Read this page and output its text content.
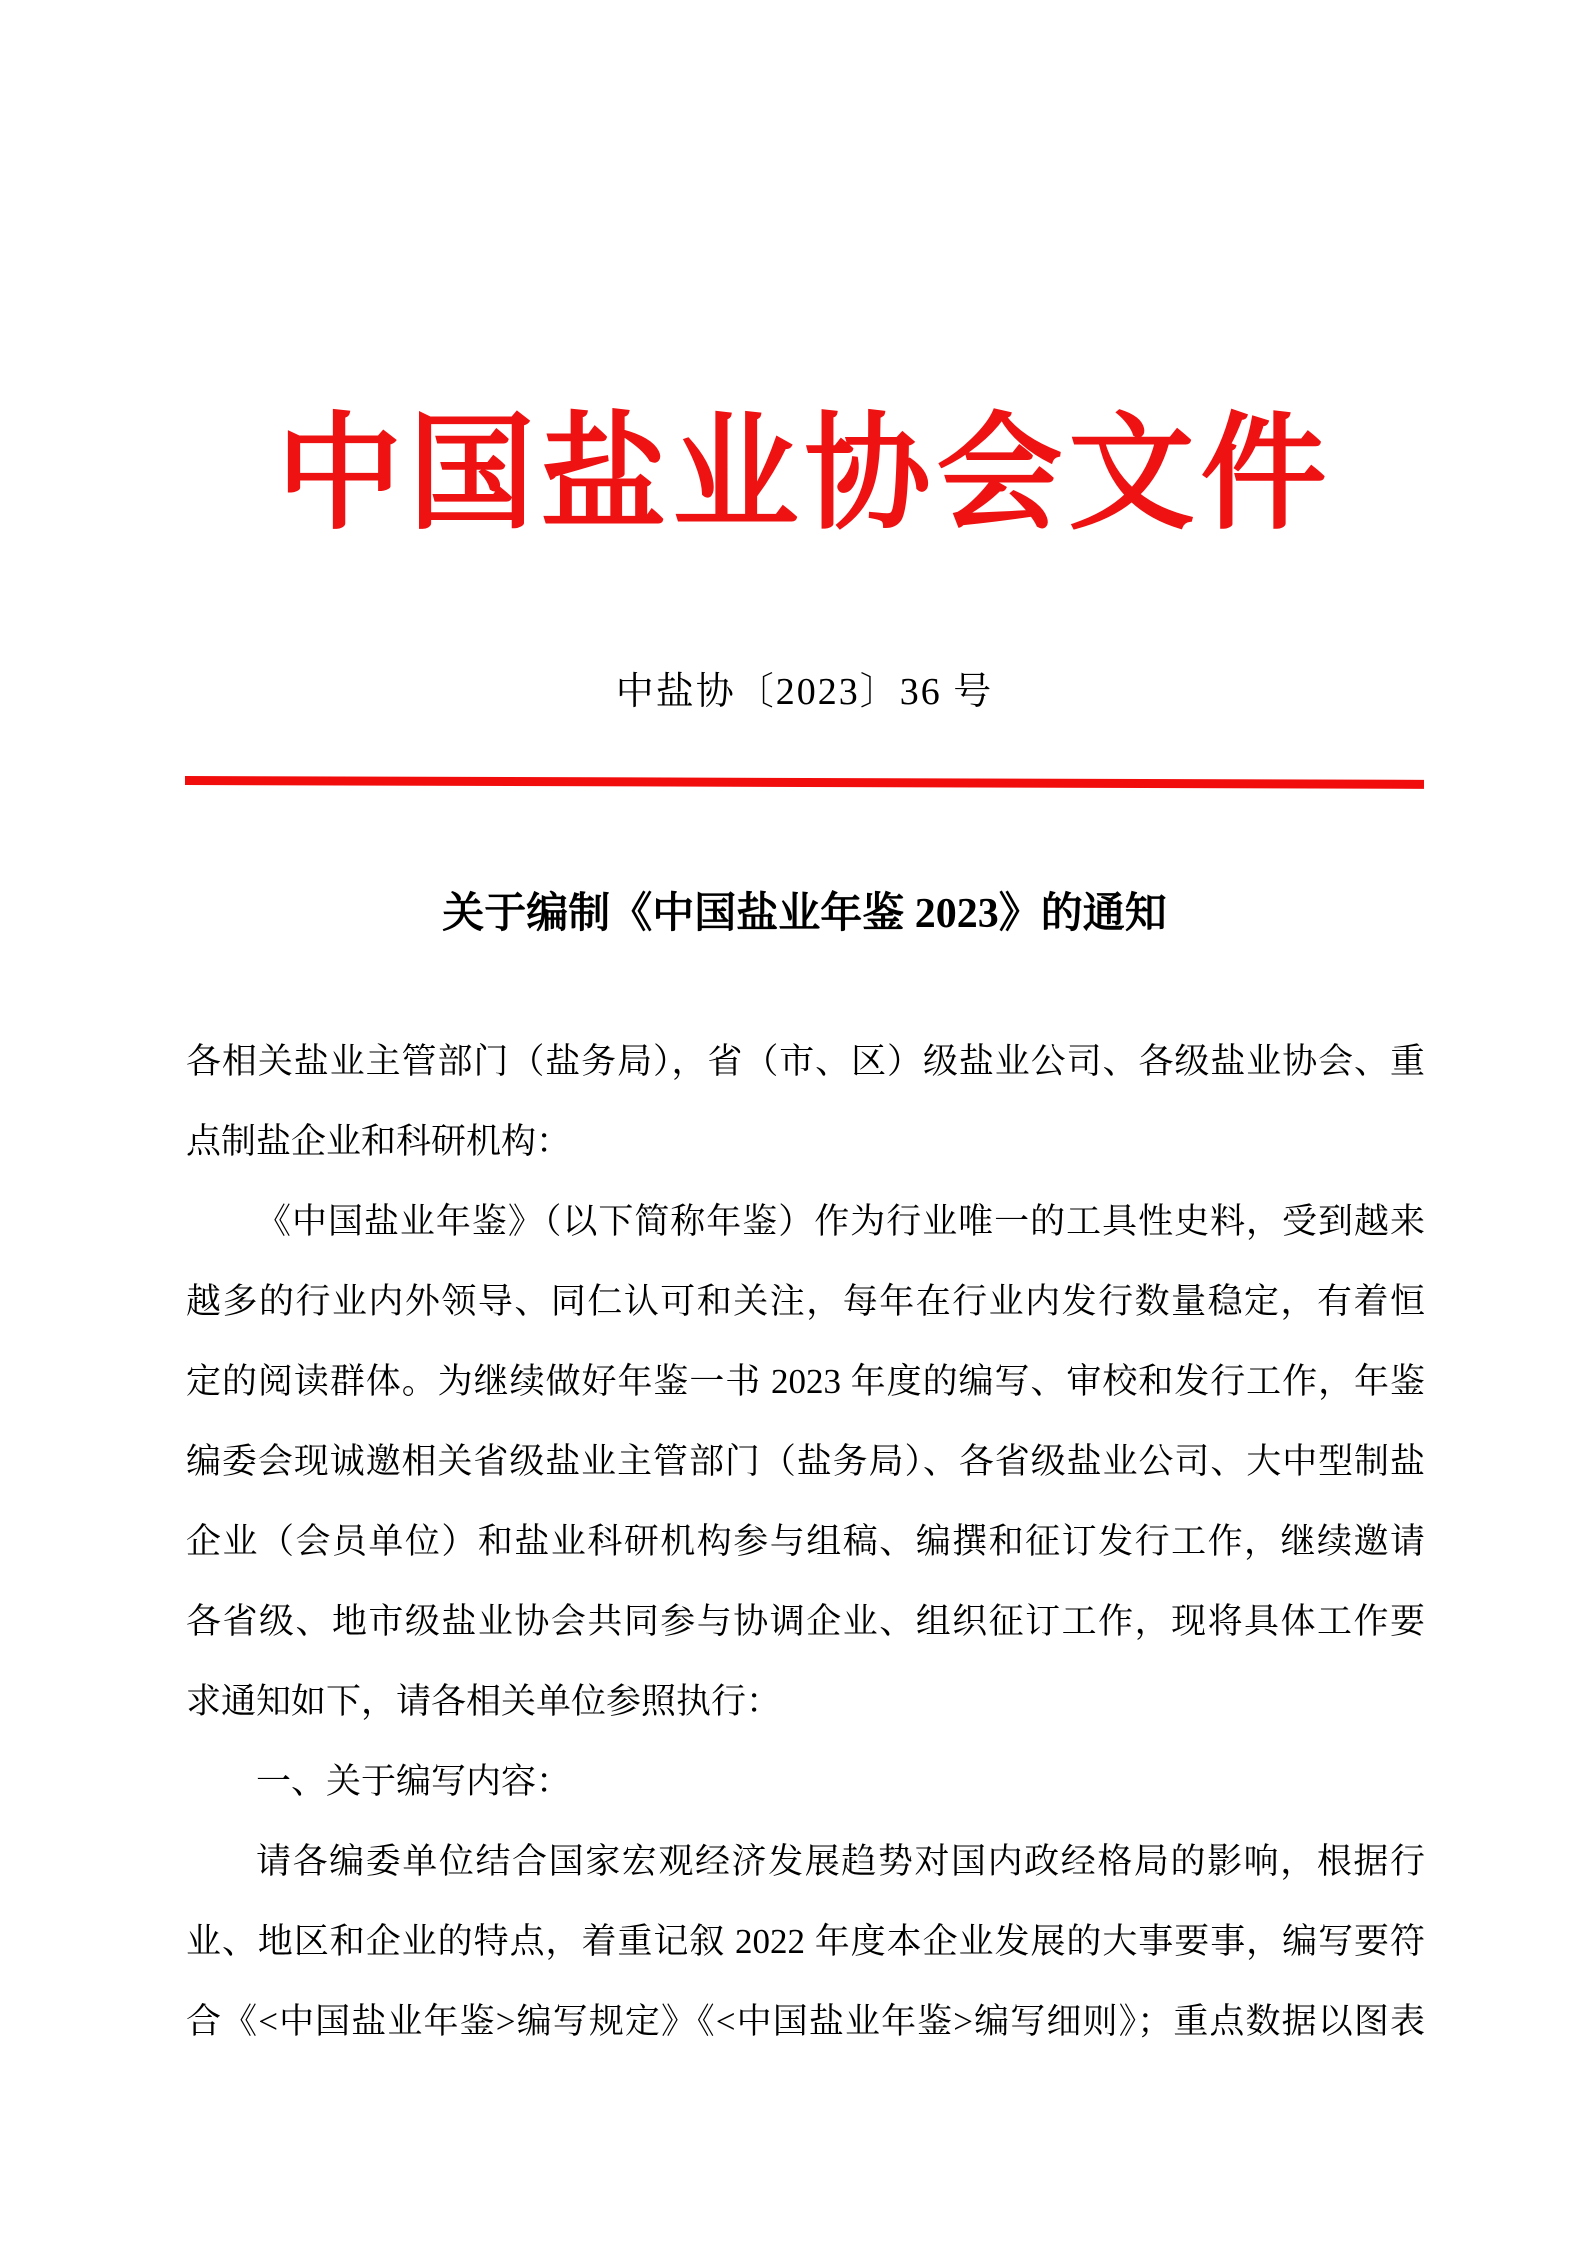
中国盐业协会文件
中盐协〔2023〕36 号
关于编制《中国盐业年鉴 2023》的通知
各相关盐业主管部门（盐务局），省（市、区）级盐业公司、各级盐业协会、重
点制盐企业和科研机构：
《中国盐业年鉴》（以下简称年鉴）作为行业唯一的工具性史料，受到越来
越多的行业内外领导、同仁认可和关注，每年在行业内发行数量稳定，有着恒
定的阅读群体。为继续做好年鉴一书 2023 年度的编写、审校和发行工作，年鉴
编委会现诚邀相关省级盐业主管部门（盐务局）、各省级盐业公司、大中型制盐
企业（会员单位）和盐业科研机构参与组稿、编撰和征订发行工作，继续邀请
各省级、地市级盐业协会共同参与协调企业、组织征订工作，现将具体工作要
求通知如下，请各相关单位参照执行：
一、关于编写内容：
请各编委单位结合国家宏观经济发展趋势对国内政经格局的影响，根据行
业、地区和企业的特点，着重记叙 2022 年度本企业发展的大事要事，编写要符
合《<中国盐业年鉴>编写规定》《<中国盐业年鉴>编写细则》；重点数据以图表
